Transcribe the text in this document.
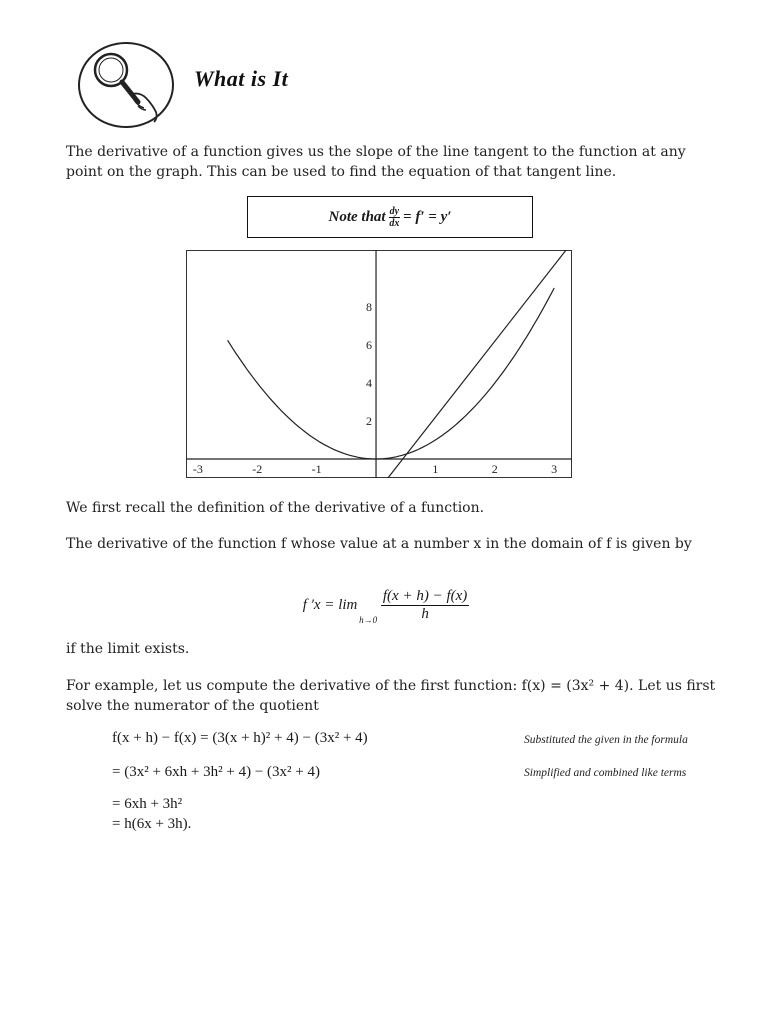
What is It
The derivative of a function gives us the slope of the line tangent to the function at any point on the graph. This can be used to find the equation of that tangent line.
Note that $\frac{dy}{dx} = f' = y'$
-3	-2	-1	1	2	3
2
4
6
8
We first recall the definition of the derivative of a function.
The derivative of the function f whose value at a number x in the domain of f is given by
f ′x = lim
h→0
$\frac{f(x + h) - f(x)}{h}$
if the limit exists.
For example, let us compute the derivative of the first function: f(x) = (3x² + 4). Let us first solve the numerator of the quotient
f(x + h) − f(x) = (3(x + h)² + 4) − (3x² + 4)
= (3x² + 6xh + 3h² + 4) − (3x² + 4)
= 6xh + 3h²
= h(6x + 3h).
Substituted the given in the formula
Simplified and combined like terms
